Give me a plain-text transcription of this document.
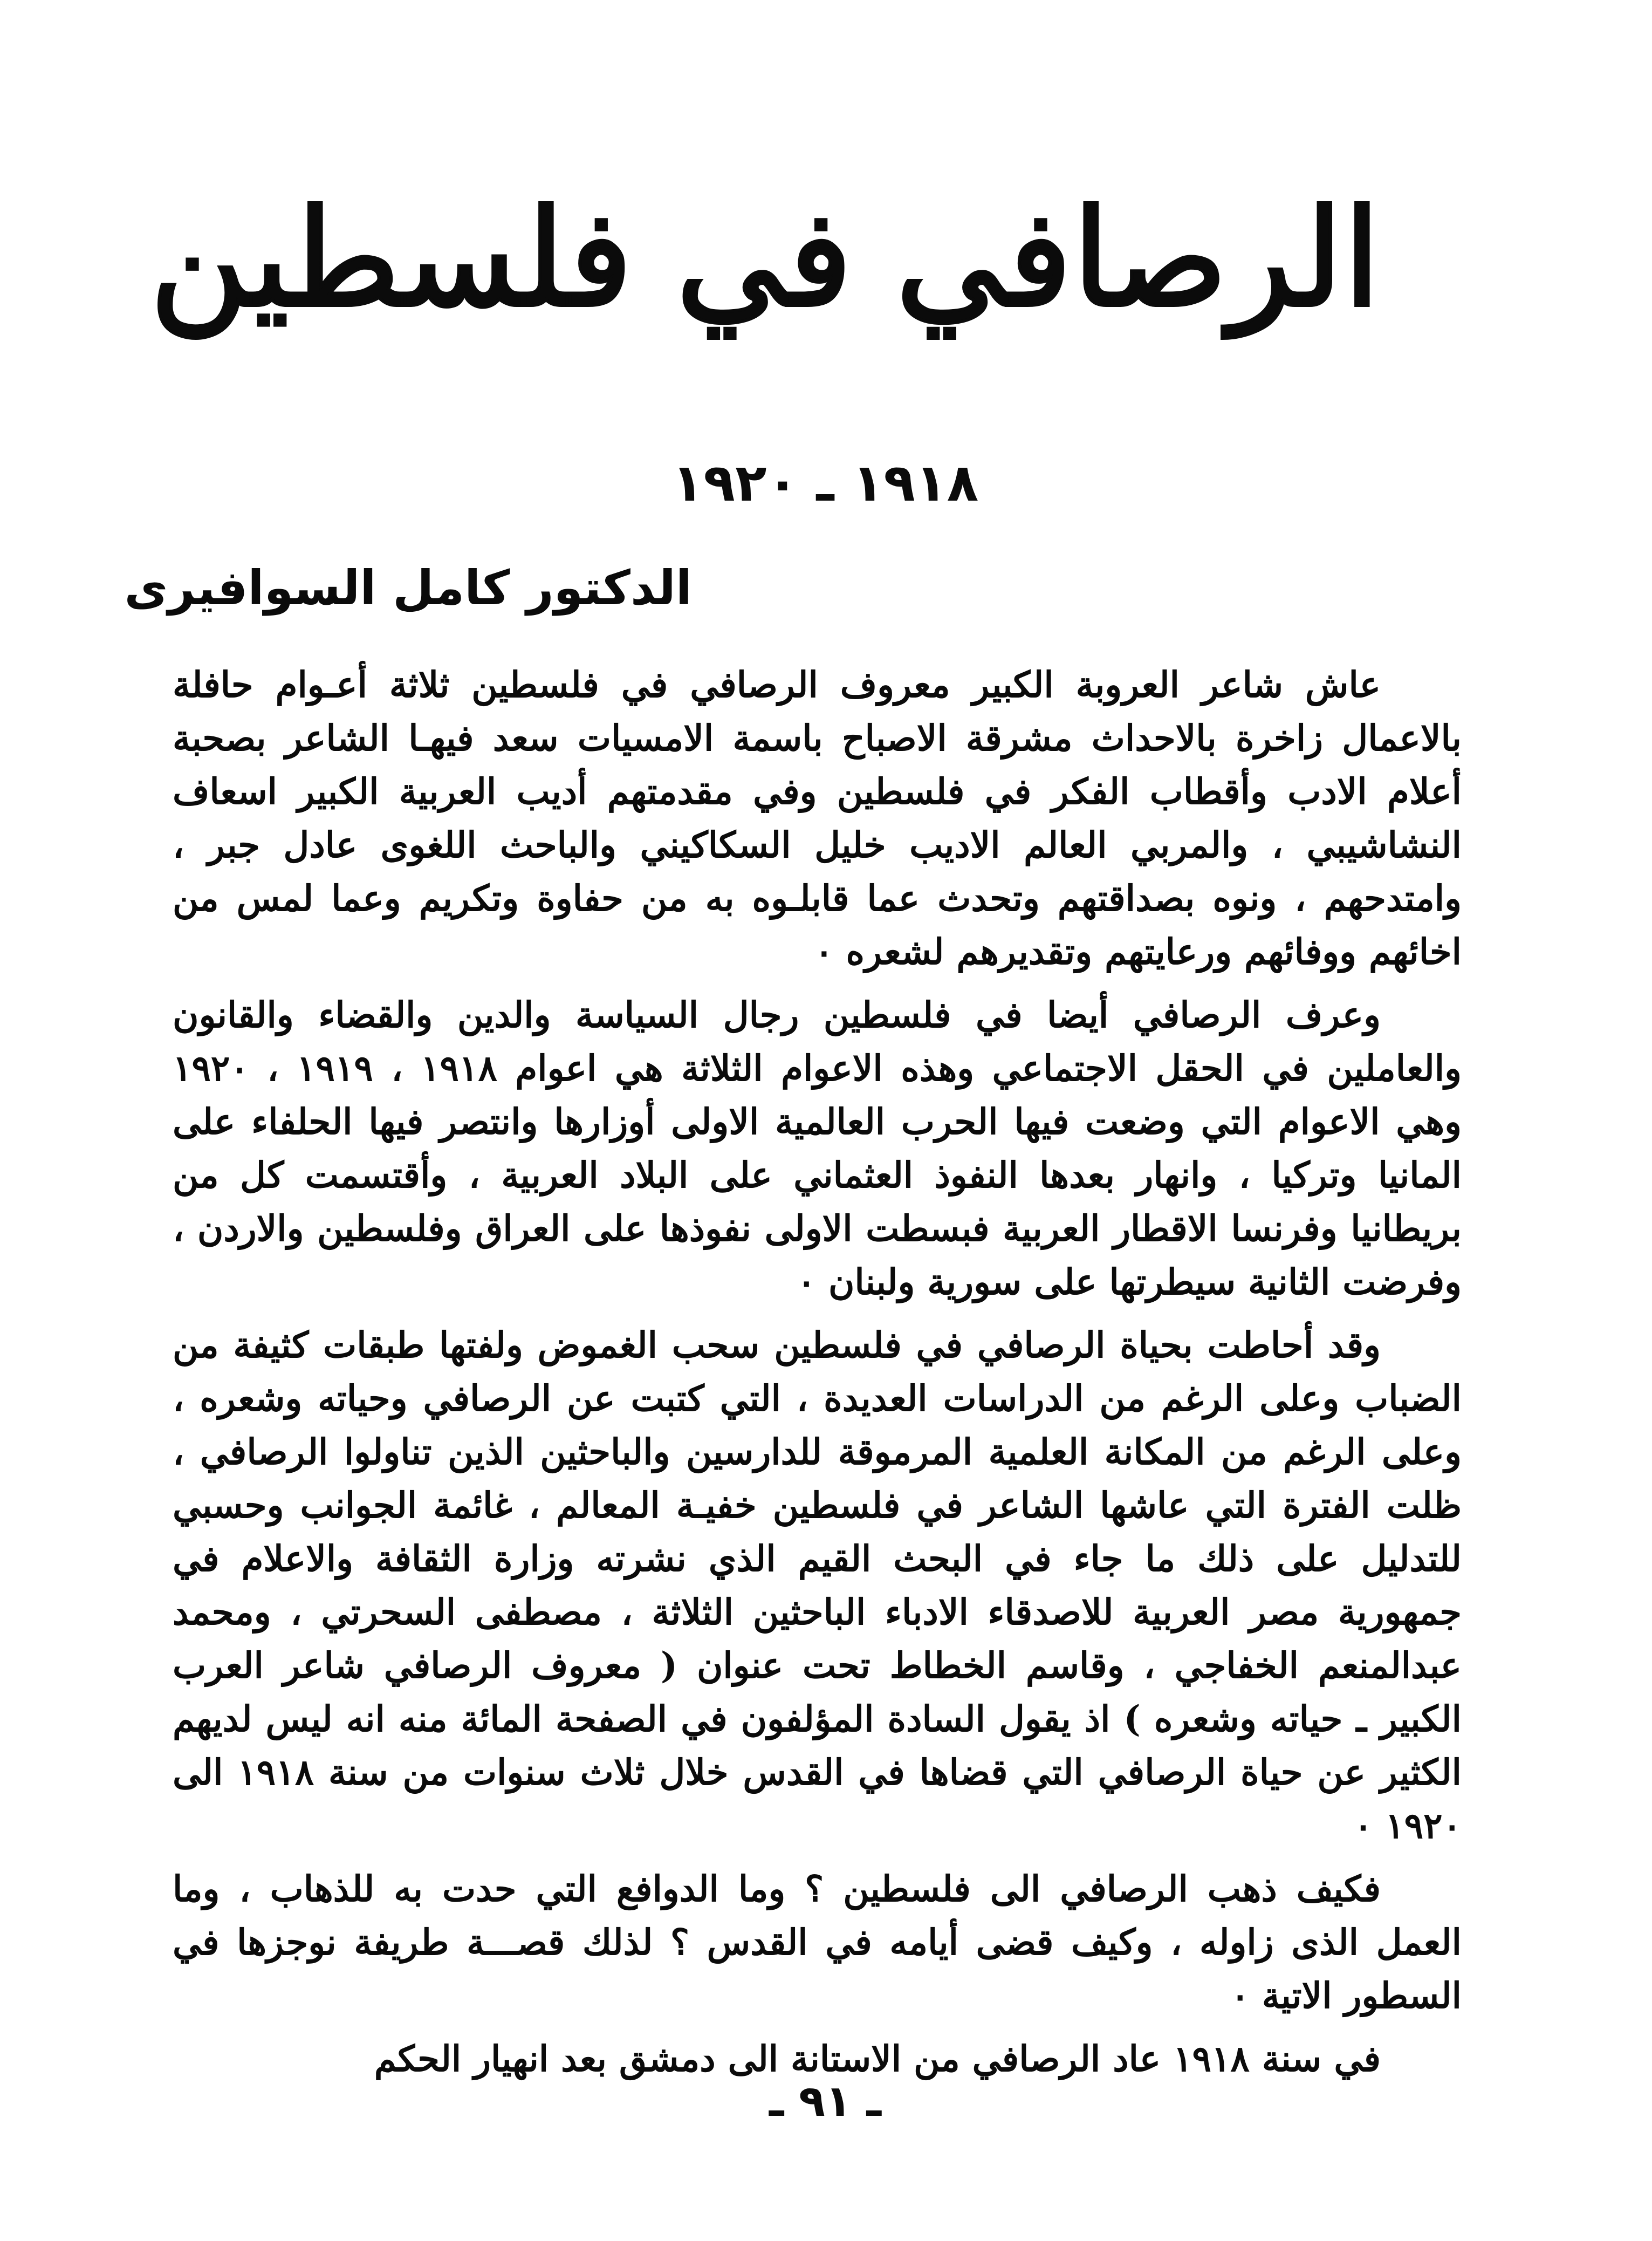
الرصافي في فلسطين
١٩١٨ ـ ١٩٢٠
الدكتور كامل السوافيرى

عاش شاعر العروبة الكبير معروف الرصافي في فلسطين ثلاثة أعـوام حافلة بالاعمال زاخرة بالاحداث مشرقة الاصباح باسمة الامسيات سعد فيهـا الشاعر بصحبة أعلام الادب وأقطاب الفكر في فلسطين وفي مقدمتهم أديب العربية الكبير اسعاف النشاشيبي ، والمربي العالم الاديب خليل السكاكيني والباحث اللغوى عادل جبر ، وامتدحهم ، ونوه بصداقتهم وتحدث عما قابلـوه به من حفاوة وتكريم وعما لمس من اخائهم ووفائهم ورعايتهم وتقديرهم لشعره ٠

وعرف الرصافي أيضا في فلسطين رجال السياسة والدين والقضاء والقانون والعاملين في الحقل الاجتماعي وهذه الاعوام الثلاثة هي اعوام ١٩١٨ ، ١٩١٩ ، ١٩٢٠ وهي الاعوام التي وضعت فيها الحرب العالمية الاولى أوزارها وانتصر فيها الحلفاء على المانيا وتركيا ، وانهار بعدها النفوذ العثماني على البلاد العربية ، وأقتسمت كل من بريطانيا وفرنسا الاقطار العربية فبسطت الاولى نفوذها على العراق وفلسطين والاردن ، وفرضت الثانية سيطرتها على سورية ولبنان ٠

وقد أحاطت بحياة الرصافي في فلسطين سحب الغموض ولفتها طبقات كثيفة من الضباب وعلى الرغم من الدراسات العديدة ، التي كتبت عن الرصافي وحياته وشعره ، وعلى الرغم من المكانة العلمية المرموقة للدارسين والباحثين الذين تناولوا الرصافي ، ظلت الفترة التي عاشها الشاعر في فلسطين خفيـة المعالم ، غائمة الجوانب وحسبي للتدليل على ذلك ما جاء في البحث القيم الذي نشرته وزارة الثقافة والاعلام في جمهورية مصر العربية للاصدقاء الادباء الباحثين الثلاثة ، مصطفى السحرتي ، ومحمد عبدالمنعم الخفاجي ، وقاسم الخطاط تحت عنوان ( معروف الرصافي شاعر العرب الكبير ـ حياته وشعره ) اذ يقول السادة المؤلفون في الصفحة المائة منه انه ليس لديهم الكثير عن حياة الرصافي التي قضاها في القدس خلال ثلاث سنوات من سنة ١٩١٨ الى ١٩٢٠ ٠

فكيف ذهب الرصافي الى فلسطين ؟ وما الدوافع التي حدت به للذهاب ، وما العمل الذى زاوله ، وكيف قضى أيامه في القدس ؟ لذلك قصـــة طريفة نوجزها في السطور الاتية ٠

في سنة ١٩١٨ عاد الرصافي من الاستانة الى دمشق بعد انهيار الحكم

ـ ٩١ ـ
